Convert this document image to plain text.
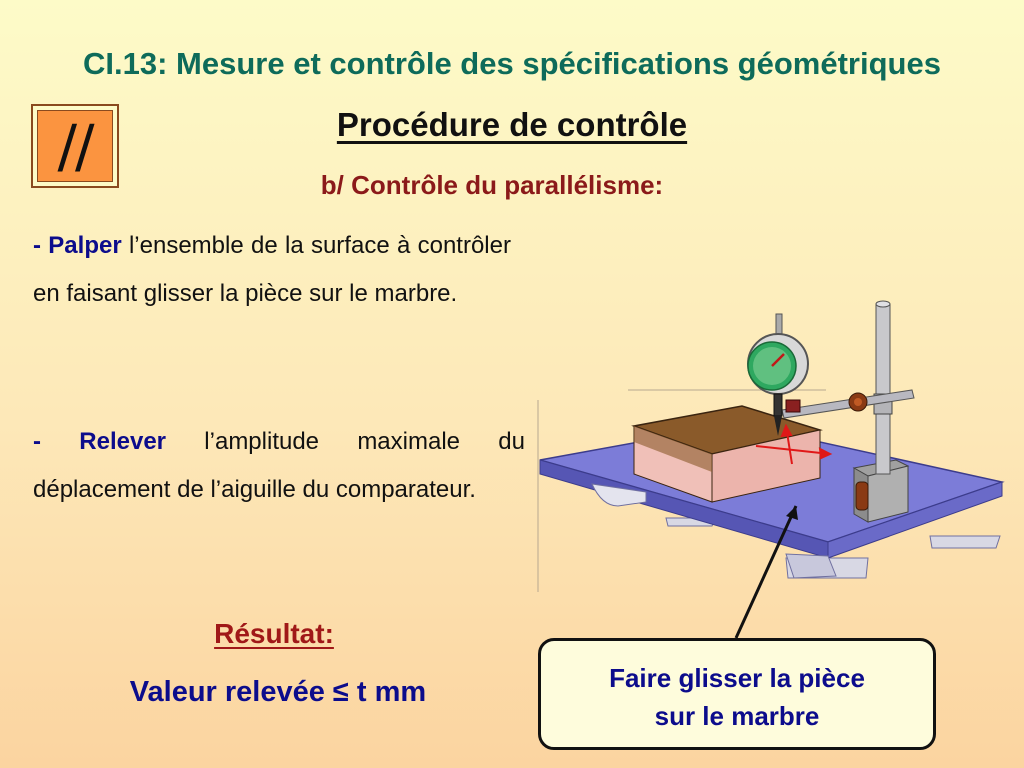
CI.13: Mesure et contrôle des spécifications géométriques
//	Procédure de contrôle
b/ Contrôle du parallélisme:
- Palper l’ensemble de la surface à contrôler en faisant glisser la pièce sur le marbre.
- Relever l’amplitude maximale du
déplacement de l’aiguille du comparateur.
Résultat:
Valeur relevée ≤ t mm	Faire glisser la pièce
sur le marbre
